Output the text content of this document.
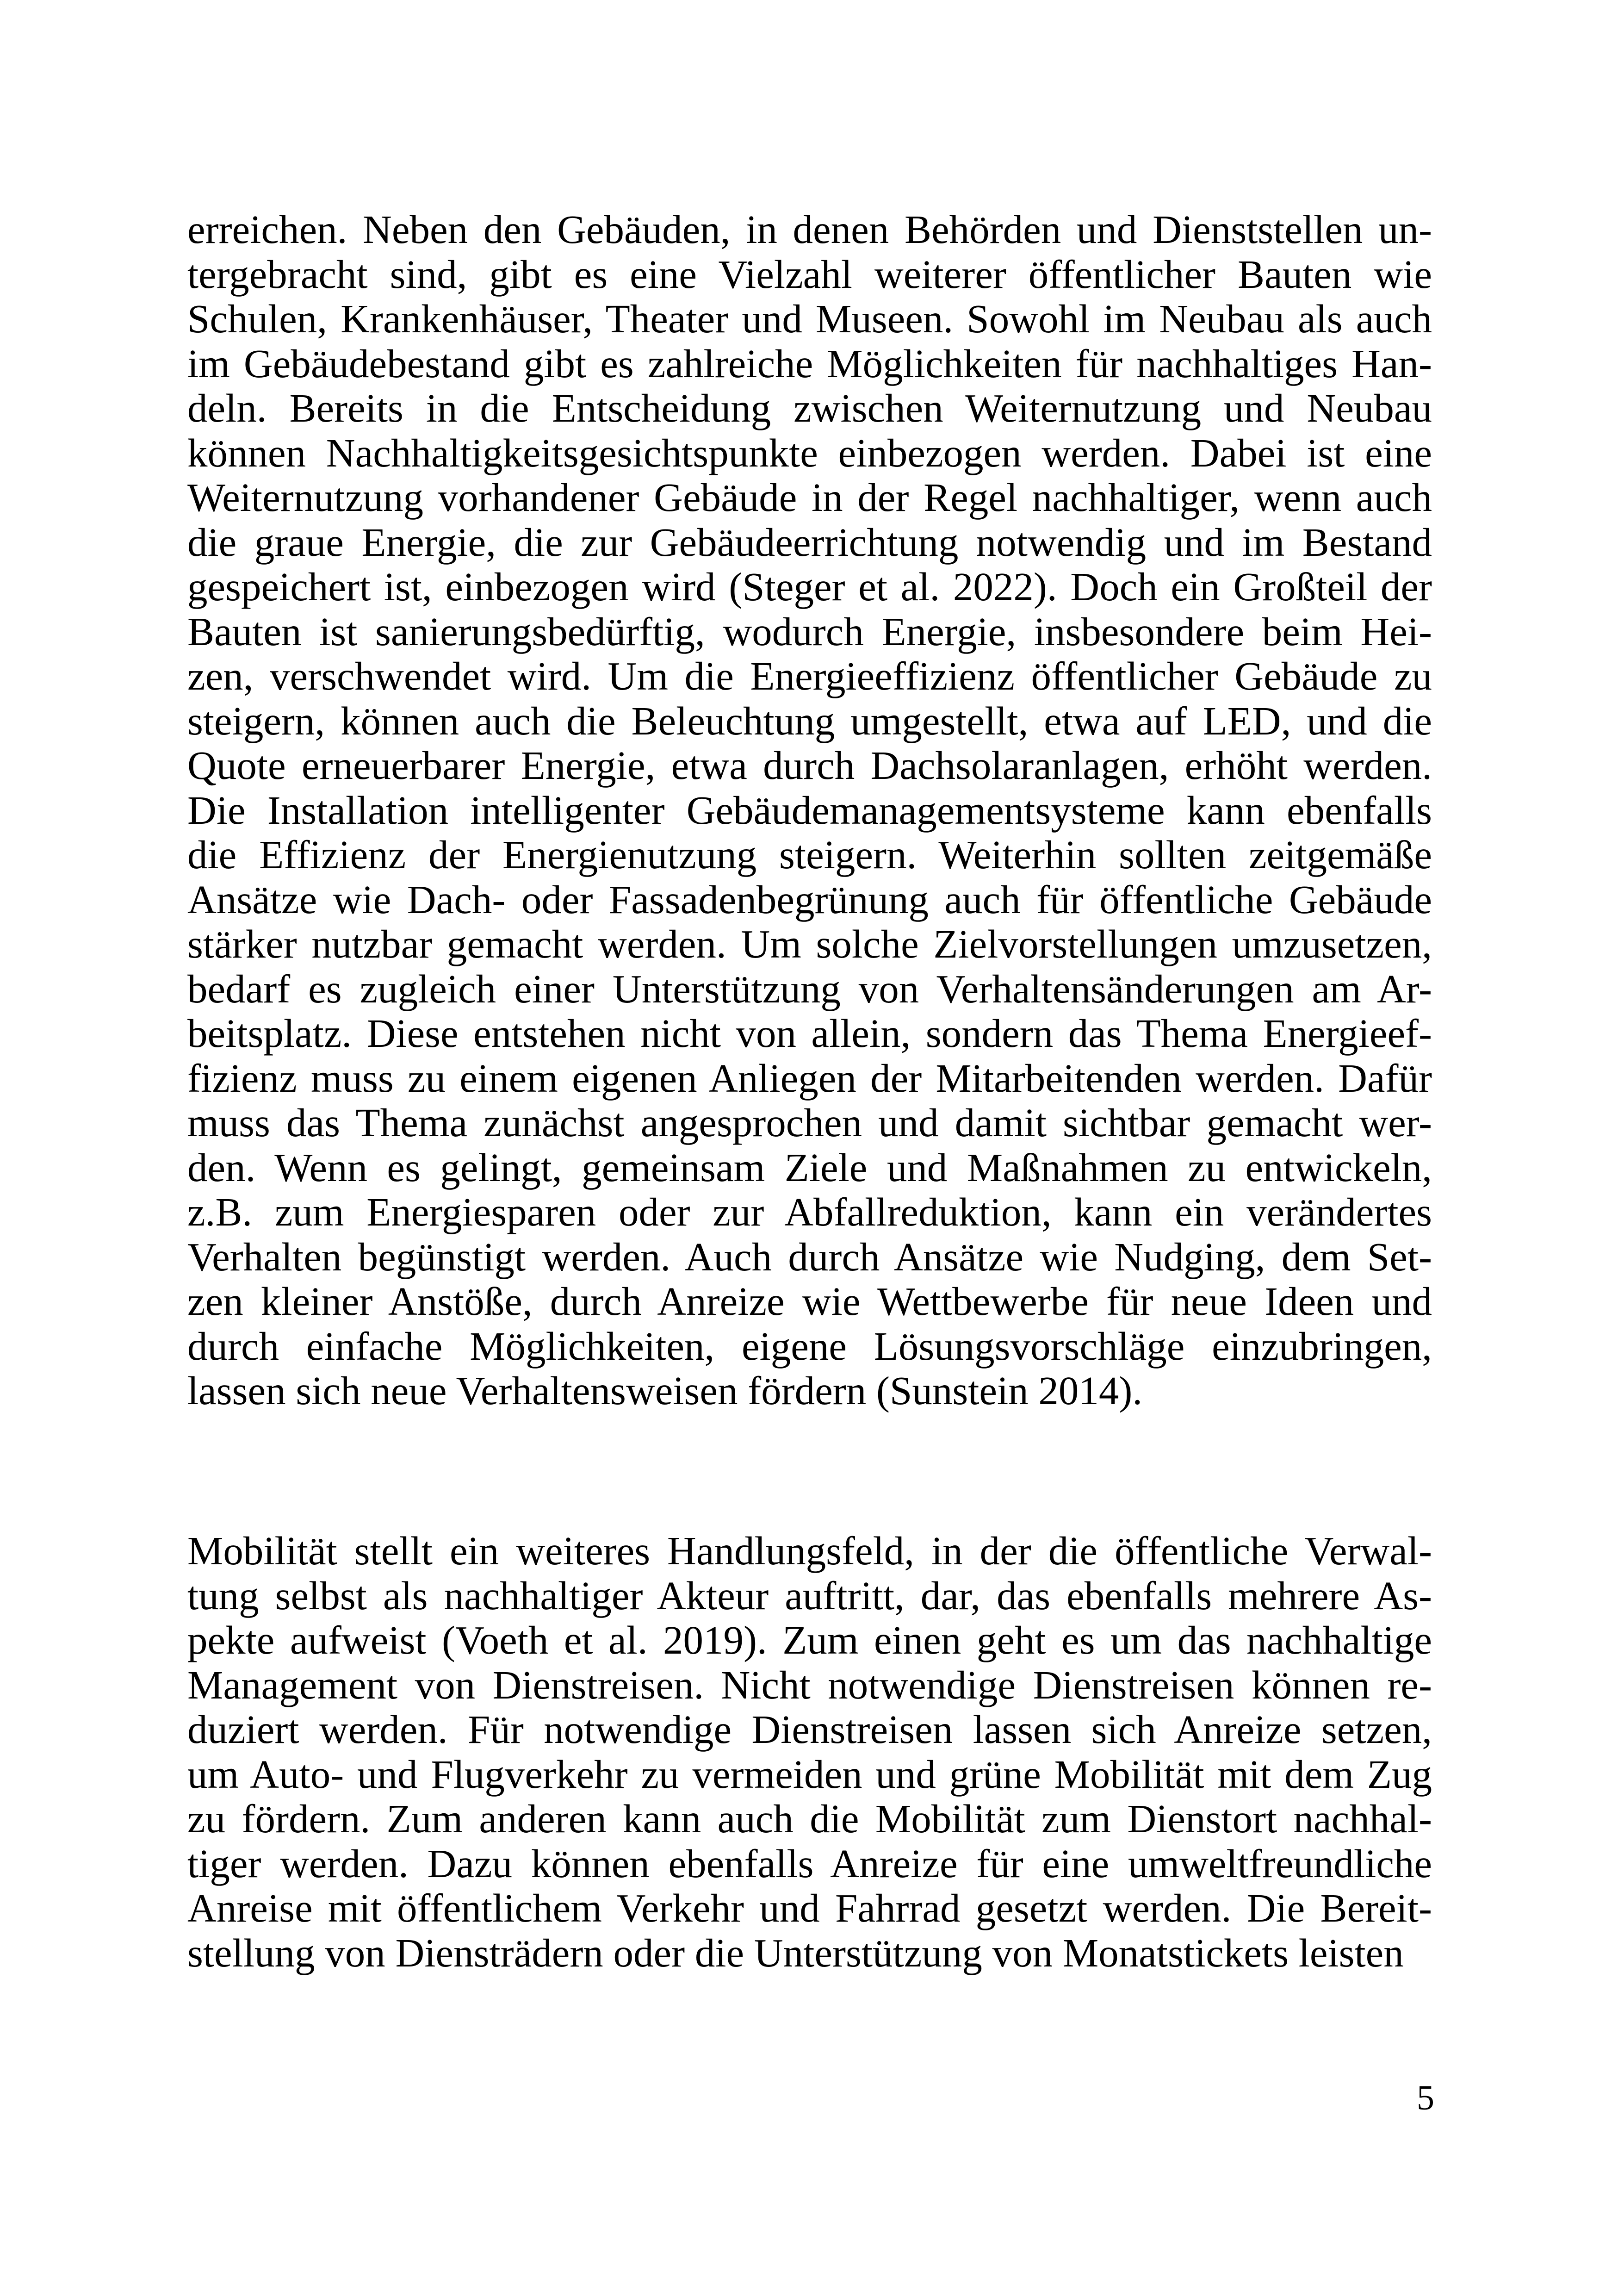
erreichen. Neben den Gebäuden, in denen Behörden und Dienststellen un-
tergebracht sind, gibt es eine Vielzahl weiterer öffentlicher Bauten wie
Schulen, Krankenhäuser, Theater und Museen. Sowohl im Neubau als auch
im Gebäudebestand gibt es zahlreiche Möglichkeiten für nachhaltiges Han-
deln. Bereits in die Entscheidung zwischen Weiternutzung und Neubau
können Nachhaltigkeitsgesichtspunkte einbezogen werden. Dabei ist eine
Weiternutzung vorhandener Gebäude in der Regel nachhaltiger, wenn auch
die graue Energie, die zur Gebäudeerrichtung notwendig und im Bestand
gespeichert ist, einbezogen wird (Steger et al. 2022). Doch ein Großteil der
Bauten ist sanierungsbedürftig, wodurch Energie, insbesondere beim Hei-
zen, verschwendet wird. Um die Energieeffizienz öffentlicher Gebäude zu
steigern, können auch die Beleuchtung umgestellt, etwa auf LED, und die
Quote erneuerbarer Energie, etwa durch Dachsolaranlagen, erhöht werden.
Die Installation intelligenter Gebäudemanagementsysteme kann ebenfalls
die Effizienz der Energienutzung steigern. Weiterhin sollten zeitgemäße
Ansätze wie Dach- oder Fassadenbegrünung auch für öffentliche Gebäude
stärker nutzbar gemacht werden. Um solche Zielvorstellungen umzusetzen,
bedarf es zugleich einer Unterstützung von Verhaltensänderungen am Ar-
beitsplatz. Diese entstehen nicht von allein, sondern das Thema Energieef-
fizienz muss zu einem eigenen Anliegen der Mitarbeitenden werden. Dafür
muss das Thema zunächst angesprochen und damit sichtbar gemacht wer-
den. Wenn es gelingt, gemeinsam Ziele und Maßnahmen zu entwickeln,
z.B. zum Energiesparen oder zur Abfallreduktion, kann ein verändertes
Verhalten begünstigt werden. Auch durch Ansätze wie Nudging, dem Set-
zen kleiner Anstöße, durch Anreize wie Wettbewerbe für neue Ideen und
durch einfache Möglichkeiten, eigene Lösungsvorschläge einzubringen,
lassen sich neue Verhaltensweisen fördern (Sunstein 2014).
Mobilität stellt ein weiteres Handlungsfeld, in der die öffentliche Verwal-
tung selbst als nachhaltiger Akteur auftritt, dar, das ebenfalls mehrere As-
pekte aufweist (Voeth et al. 2019). Zum einen geht es um das nachhaltige
Management von Dienstreisen. Nicht notwendige Dienstreisen können re-
duziert werden. Für notwendige Dienstreisen lassen sich Anreize setzen,
um Auto- und Flugverkehr zu vermeiden und grüne Mobilität mit dem Zug
zu fördern. Zum anderen kann auch die Mobilität zum Dienstort nachhal-
tiger werden. Dazu können ebenfalls Anreize für eine umweltfreundliche
Anreise mit öffentlichem Verkehr und Fahrrad gesetzt werden. Die Bereit-
stellung von Diensträdern oder die Unterstützung von Monatstickets leisten
5
